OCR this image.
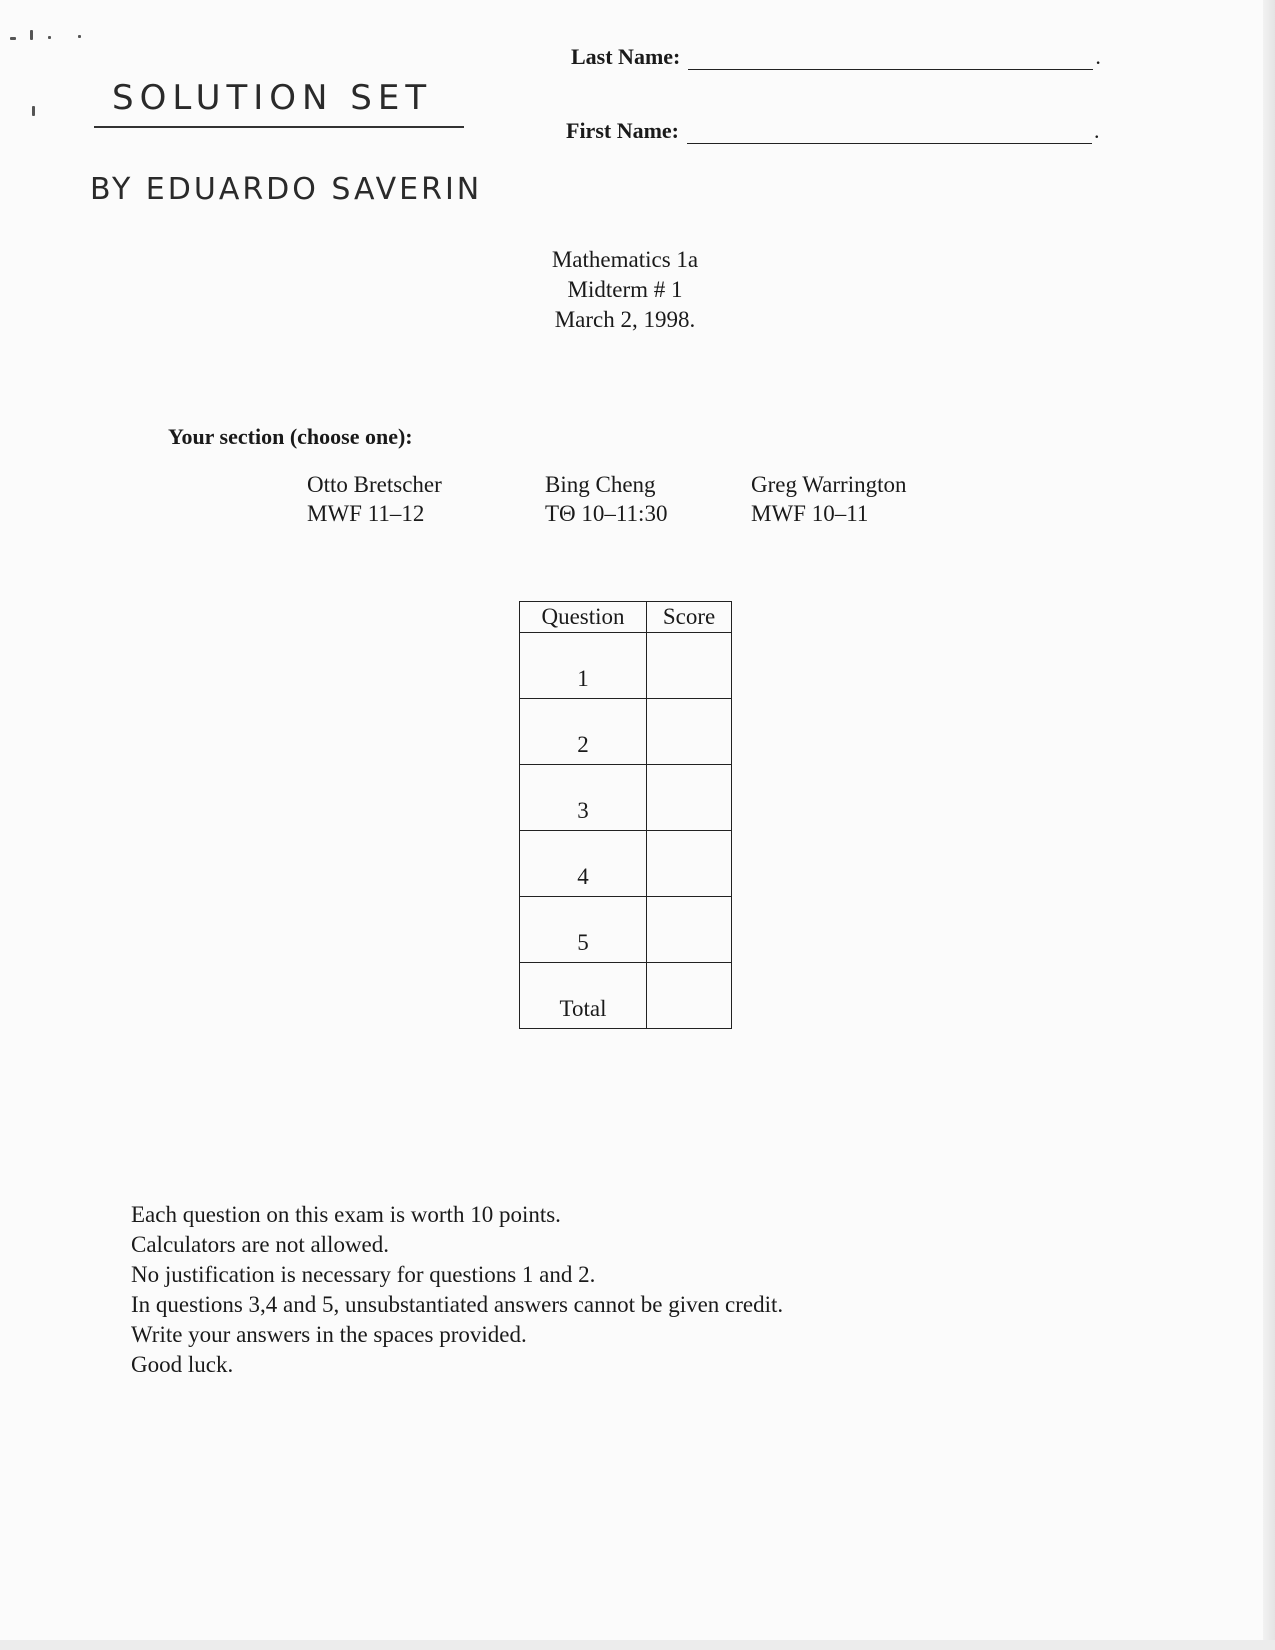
SOLUTION SET
BY EDUARDO SAVERIN
Last Name:	.
First Name:	.
Mathematics 1a
Midterm # 1
March 2, 1998.
Your section (choose one):
Otto Bretscher
MWF 11–12
Bing Cheng
TΘ 10–11:30
Greg Warrington
MWF 10–11
Question	Score
1	
2	
3	
4	
5	
Total	
Each question on this exam is worth 10 points.
Calculators are not allowed.
No justification is necessary for questions 1 and 2.
In questions 3,4 and 5, unsubstantiated answers cannot be given credit.
Write your answers in the spaces provided.
Good luck.
